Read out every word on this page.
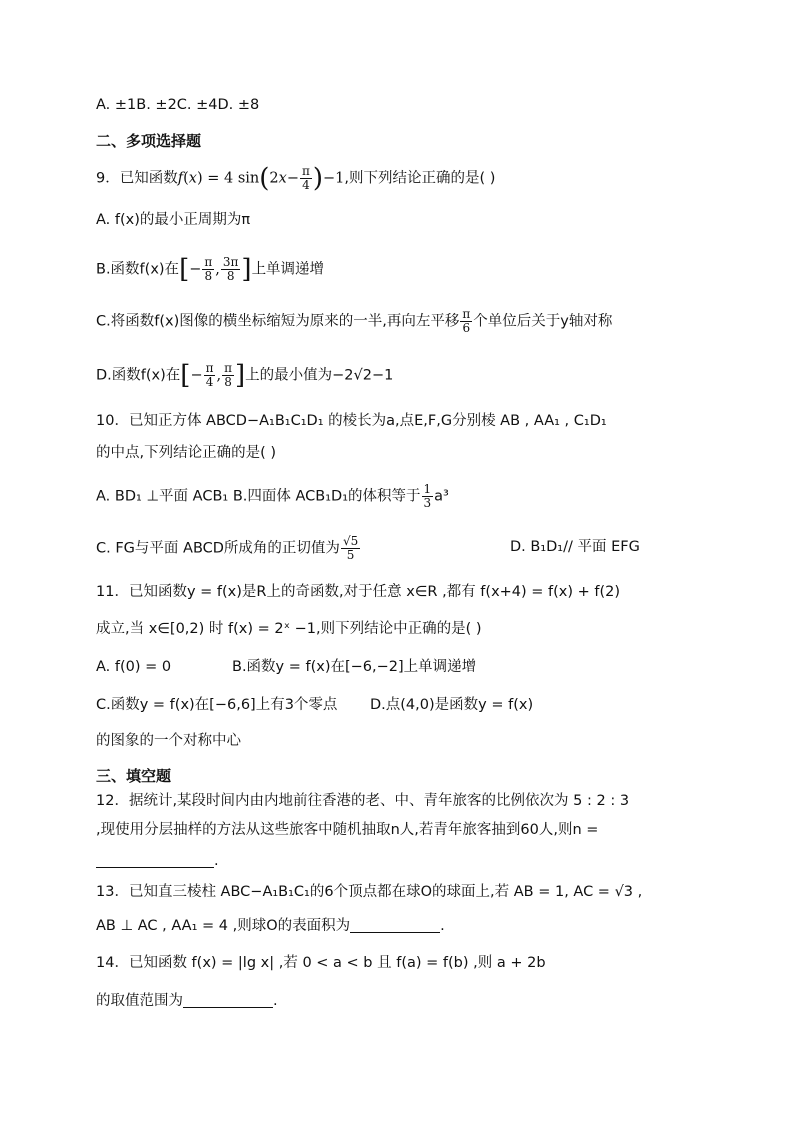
A. ±1B. ±2C. ±4D. ±8
二、多项选择题
9．已知函数f(x) = 4 $\sin(2x- \frac{\pi}{4} )-1$,则下列结论正确的是( )
A. f(x)的最小正周期为π
B.函数f(x)在[− $\frac{\pi}{8}$ , $\frac{3\pi}{8}$ ]上单调递增
C.将函数f(x)图像的横坐标缩短为原来的一半,再向左平移 $\frac{\pi}{6}$ 个单位后关于y轴对称
D.函数f(x)在[− $\frac{\pi}{4}$ , $\frac{\pi}{8}$ ]上的最小值为−2√2−1
10．已知正方体 ABCD−A₁B₁C₁D₁ 的棱长为a,点E,F,G分别棱 AB , AA₁ , C₁D₁
的中点,下列结论正确的是( )
A. BD₁ ⊥平面 ACB₁ B.四面体 ACB₁D₁的体积等于 $\frac{1}{3} a^3$
C. FG与平面 ABCD所成角的正切值为 $\frac{√5}{5}$	D. B₁D₁// 平面 EFG
11．已知函数y = f(x)是R上的奇函数,对于任意 x∈R ,都有 f(x+4) = f(x) + f(2)
成立,当 x∈[0,2) 时 f(x) = 2ˣ −1,则下列结论中正确的是( )
A. f(0) = 0	B.函数y = f(x)在[−6,−2]上单调递增
C.函数y = f(x)在[−6,6]上有3个零点 D.点(4,0)是函数y = f(x)
的图象的一个对称中心
三、填空题
12．据统计,某段时间内由内地前往香港的老、中、青年旅客的比例依次为 5 : 2 : 3
,现使用分层抽样的方法从这些旅客中随机抽取n人,若青年旅客抽到60人,则n =
.
13．已知直三棱柱 ABC−A₁B₁C₁的6个顶点都在球O的球面上,若 AB = 1, AC = √3 ,
AB ⊥ AC , AA₁ = 4 ,则球O的表面积为	.
14．已知函数 f(x) = |lg x| ,若 0 < a < b 且 f(a) = f(b) ,则 a + 2b
的取值范围为	.
